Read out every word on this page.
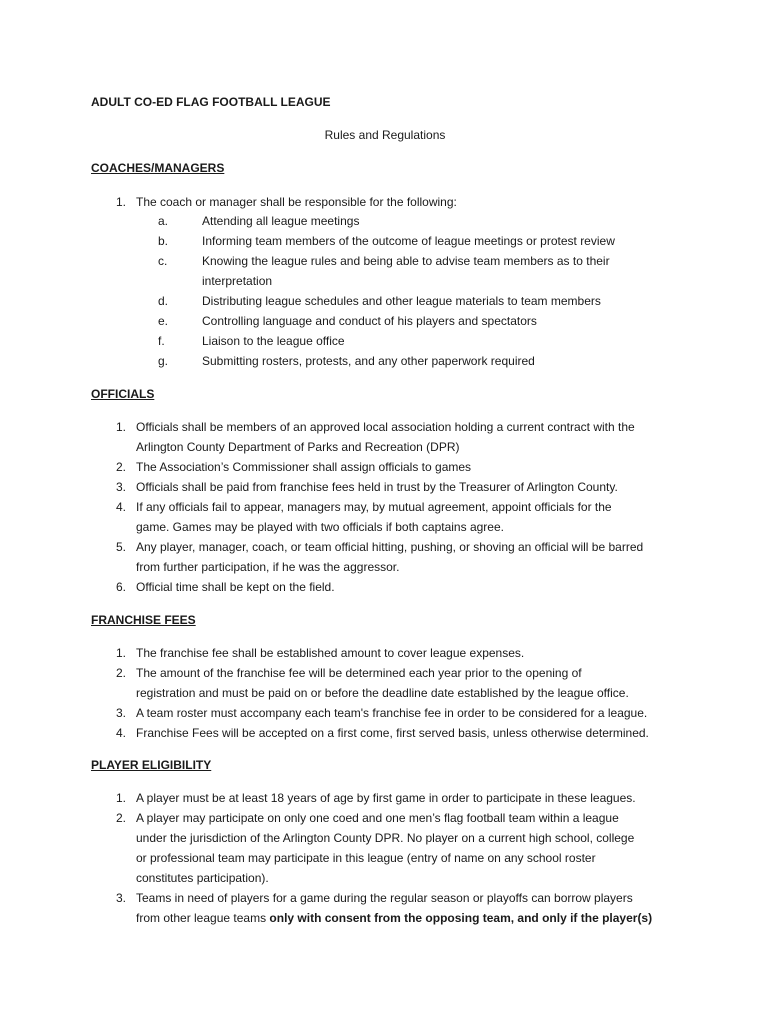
ADULT CO-ED FLAG FOOTBALL LEAGUE
Rules and Regulations
COACHES/MANAGERS
1. The coach or manager shall be responsible for the following:
a.	Attending all league meetings
b.	Informing team members of the outcome of league meetings or protest review
c.	Knowing the league rules and being able to advise team members as to their
interpretation
d.	Distributing league schedules and other league materials to team members
e.	Controlling language and conduct of his players and spectators
f.	Liaison to the league office
g.	Submitting rosters, protests, and any other paperwork required
OFFICIALS
1. Officials shall be members of an approved local association holding a current contract with the
Arlington County Department of Parks and Recreation (DPR)
2. The Association’s Commissioner shall assign officials to games
3. Officials shall be paid from franchise fees held in trust by the Treasurer of Arlington County.
4. If any officials fail to appear, managers may, by mutual agreement, appoint officials for the
game. Games may be played with two officials if both captains agree.
5. Any player, manager, coach, or team official hitting, pushing, or shoving an official will be barred
from further participation, if he was the aggressor.
6. Official time shall be kept on the field.
FRANCHISE FEES
1. The franchise fee shall be established amount to cover league expenses.
2. The amount of the franchise fee will be determined each year prior to the opening of
registration and must be paid on or before the deadline date established by the league office.
3. A team roster must accompany each team's franchise fee in order to be considered for a league.
4. Franchise Fees will be accepted on a first come, first served basis, unless otherwise determined.
PLAYER ELIGIBILITY
1. A player must be at least 18 years of age by first game in order to participate in these leagues.
2. A player may participate on only one coed and one men’s flag football team within a league
under the jurisdiction of the Arlington County DPR. No player on a current high school, college
or professional team may participate in this league (entry of name on any school roster
constitutes participation).
3. Teams in need of players for a game during the regular season or playoffs can borrow players
from other league teams only with consent from the opposing team, and only if the player(s)
